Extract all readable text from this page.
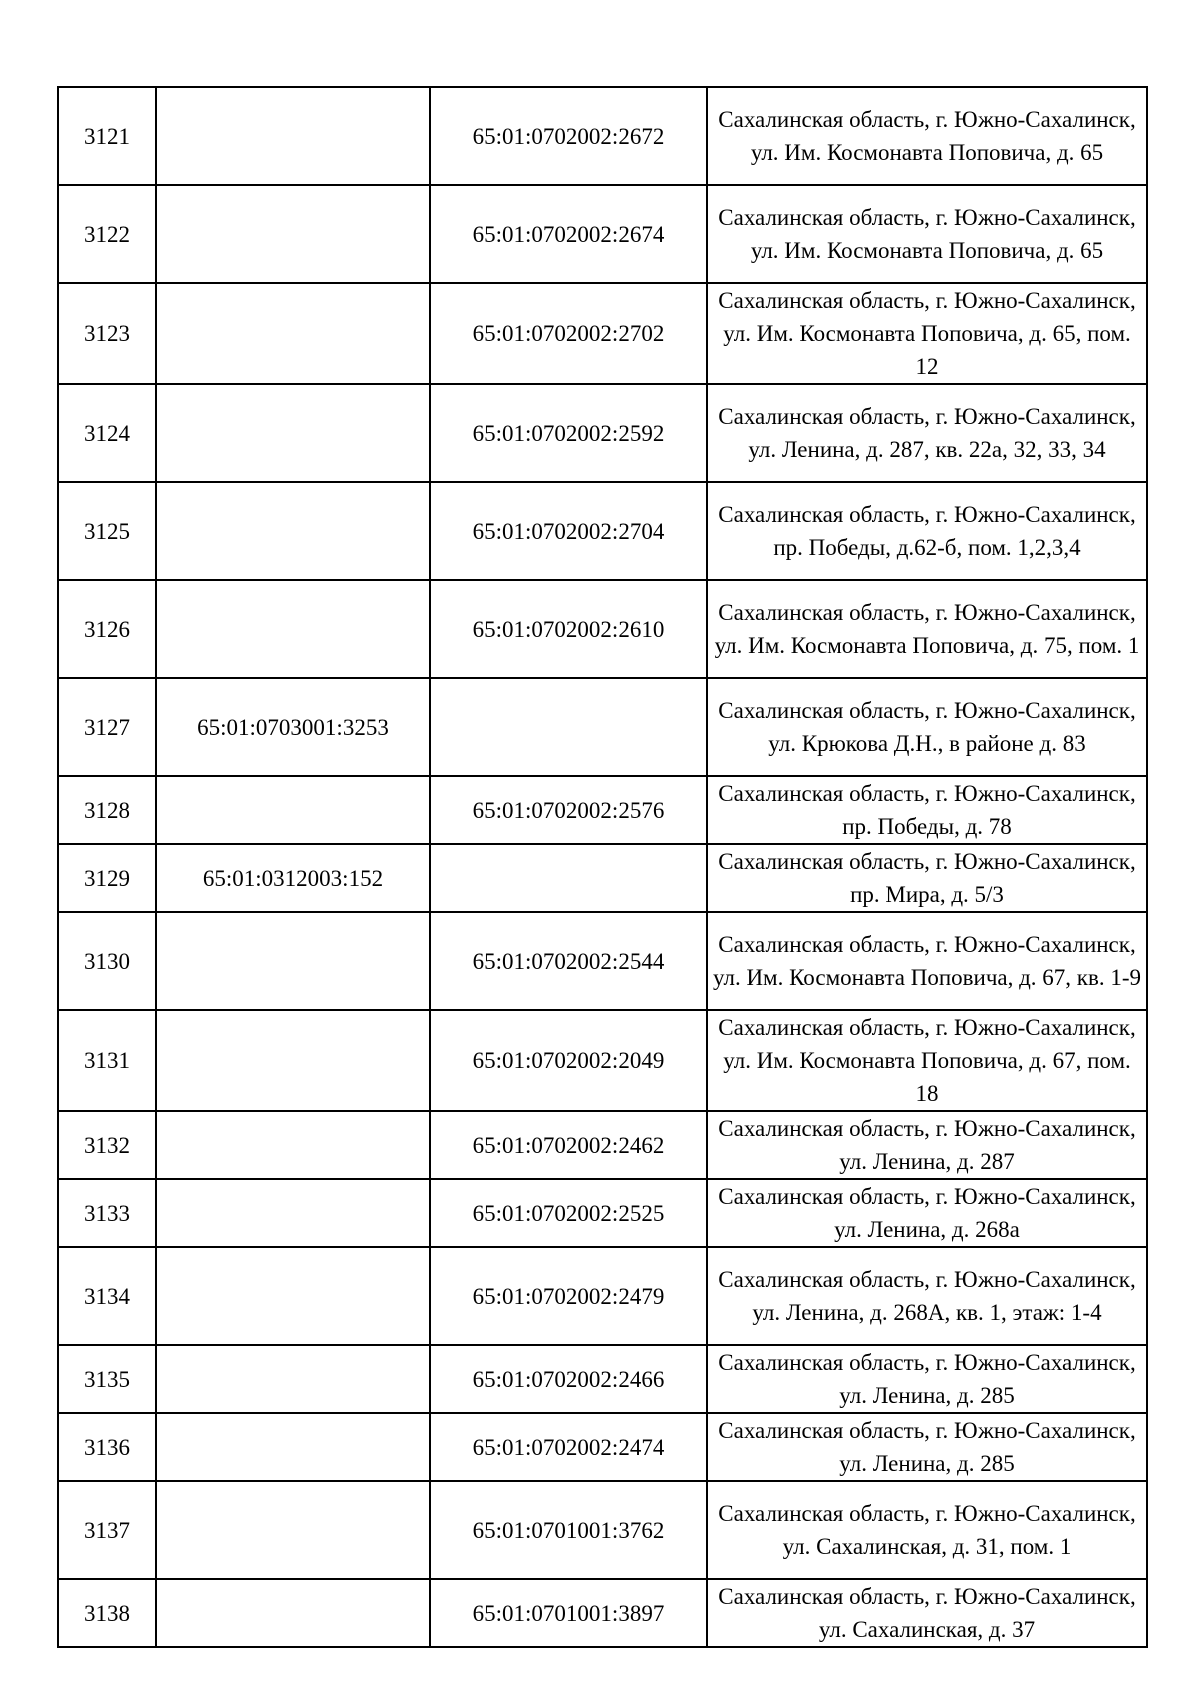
3121		65:01:0702002:2672	Сахалинская область, г. Южно-Сахалинск, ул. Им. Космонавта Поповича, д. 65
3122		65:01:0702002:2674	Сахалинская область, г. Южно-Сахалинск, ул. Им. Космонавта Поповича, д. 65
3123		65:01:0702002:2702	Сахалинская область, г. Южно-Сахалинск, ул. Им. Космонавта Поповича, д. 65, пом. 12
3124		65:01:0702002:2592	Сахалинская область, г. Южно-Сахалинск, ул. Ленина, д. 287, кв. 22а, 32, 33, 34
3125		65:01:0702002:2704	Сахалинская область, г. Южно-Сахалинск, пр. Победы, д.62-б, пом. 1,2,3,4
3126		65:01:0702002:2610	Сахалинская область, г. Южно-Сахалинск, ул. Им. Космонавта Поповича, д. 75, пом. 1
3127	65:01:0703001:3253		Сахалинская область, г. Южно-Сахалинск, ул. Крюкова Д.Н., в районе д. 83
3128		65:01:0702002:2576	Сахалинская область, г. Южно-Сахалинск, пр. Победы, д. 78
3129	65:01:0312003:152		Сахалинская область, г. Южно-Сахалинск, пр. Мира, д. 5/3
3130		65:01:0702002:2544	Сахалинская область, г. Южно-Сахалинск, ул. Им. Космонавта Поповича, д. 67, кв. 1-9
3131		65:01:0702002:2049	Сахалинская область, г. Южно-Сахалинск, ул. Им. Космонавта Поповича, д. 67, пом. 18
3132		65:01:0702002:2462	Сахалинская область, г. Южно-Сахалинск, ул. Ленина, д. 287
3133		65:01:0702002:2525	Сахалинская область, г. Южно-Сахалинск, ул. Ленина, д. 268а
3134		65:01:0702002:2479	Сахалинская область, г. Южно-Сахалинск, ул. Ленина, д. 268А, кв. 1, этаж: 1-4
3135		65:01:0702002:2466	Сахалинская область, г. Южно-Сахалинск, ул. Ленина, д. 285
3136		65:01:0702002:2474	Сахалинская область, г. Южно-Сахалинск, ул. Ленина, д. 285
3137		65:01:0701001:3762	Сахалинская область, г. Южно-Сахалинск, ул. Сахалинская, д. 31, пом. 1
3138		65:01:0701001:3897	Сахалинская область, г. Южно-Сахалинск, ул. Сахалинская, д. 37
